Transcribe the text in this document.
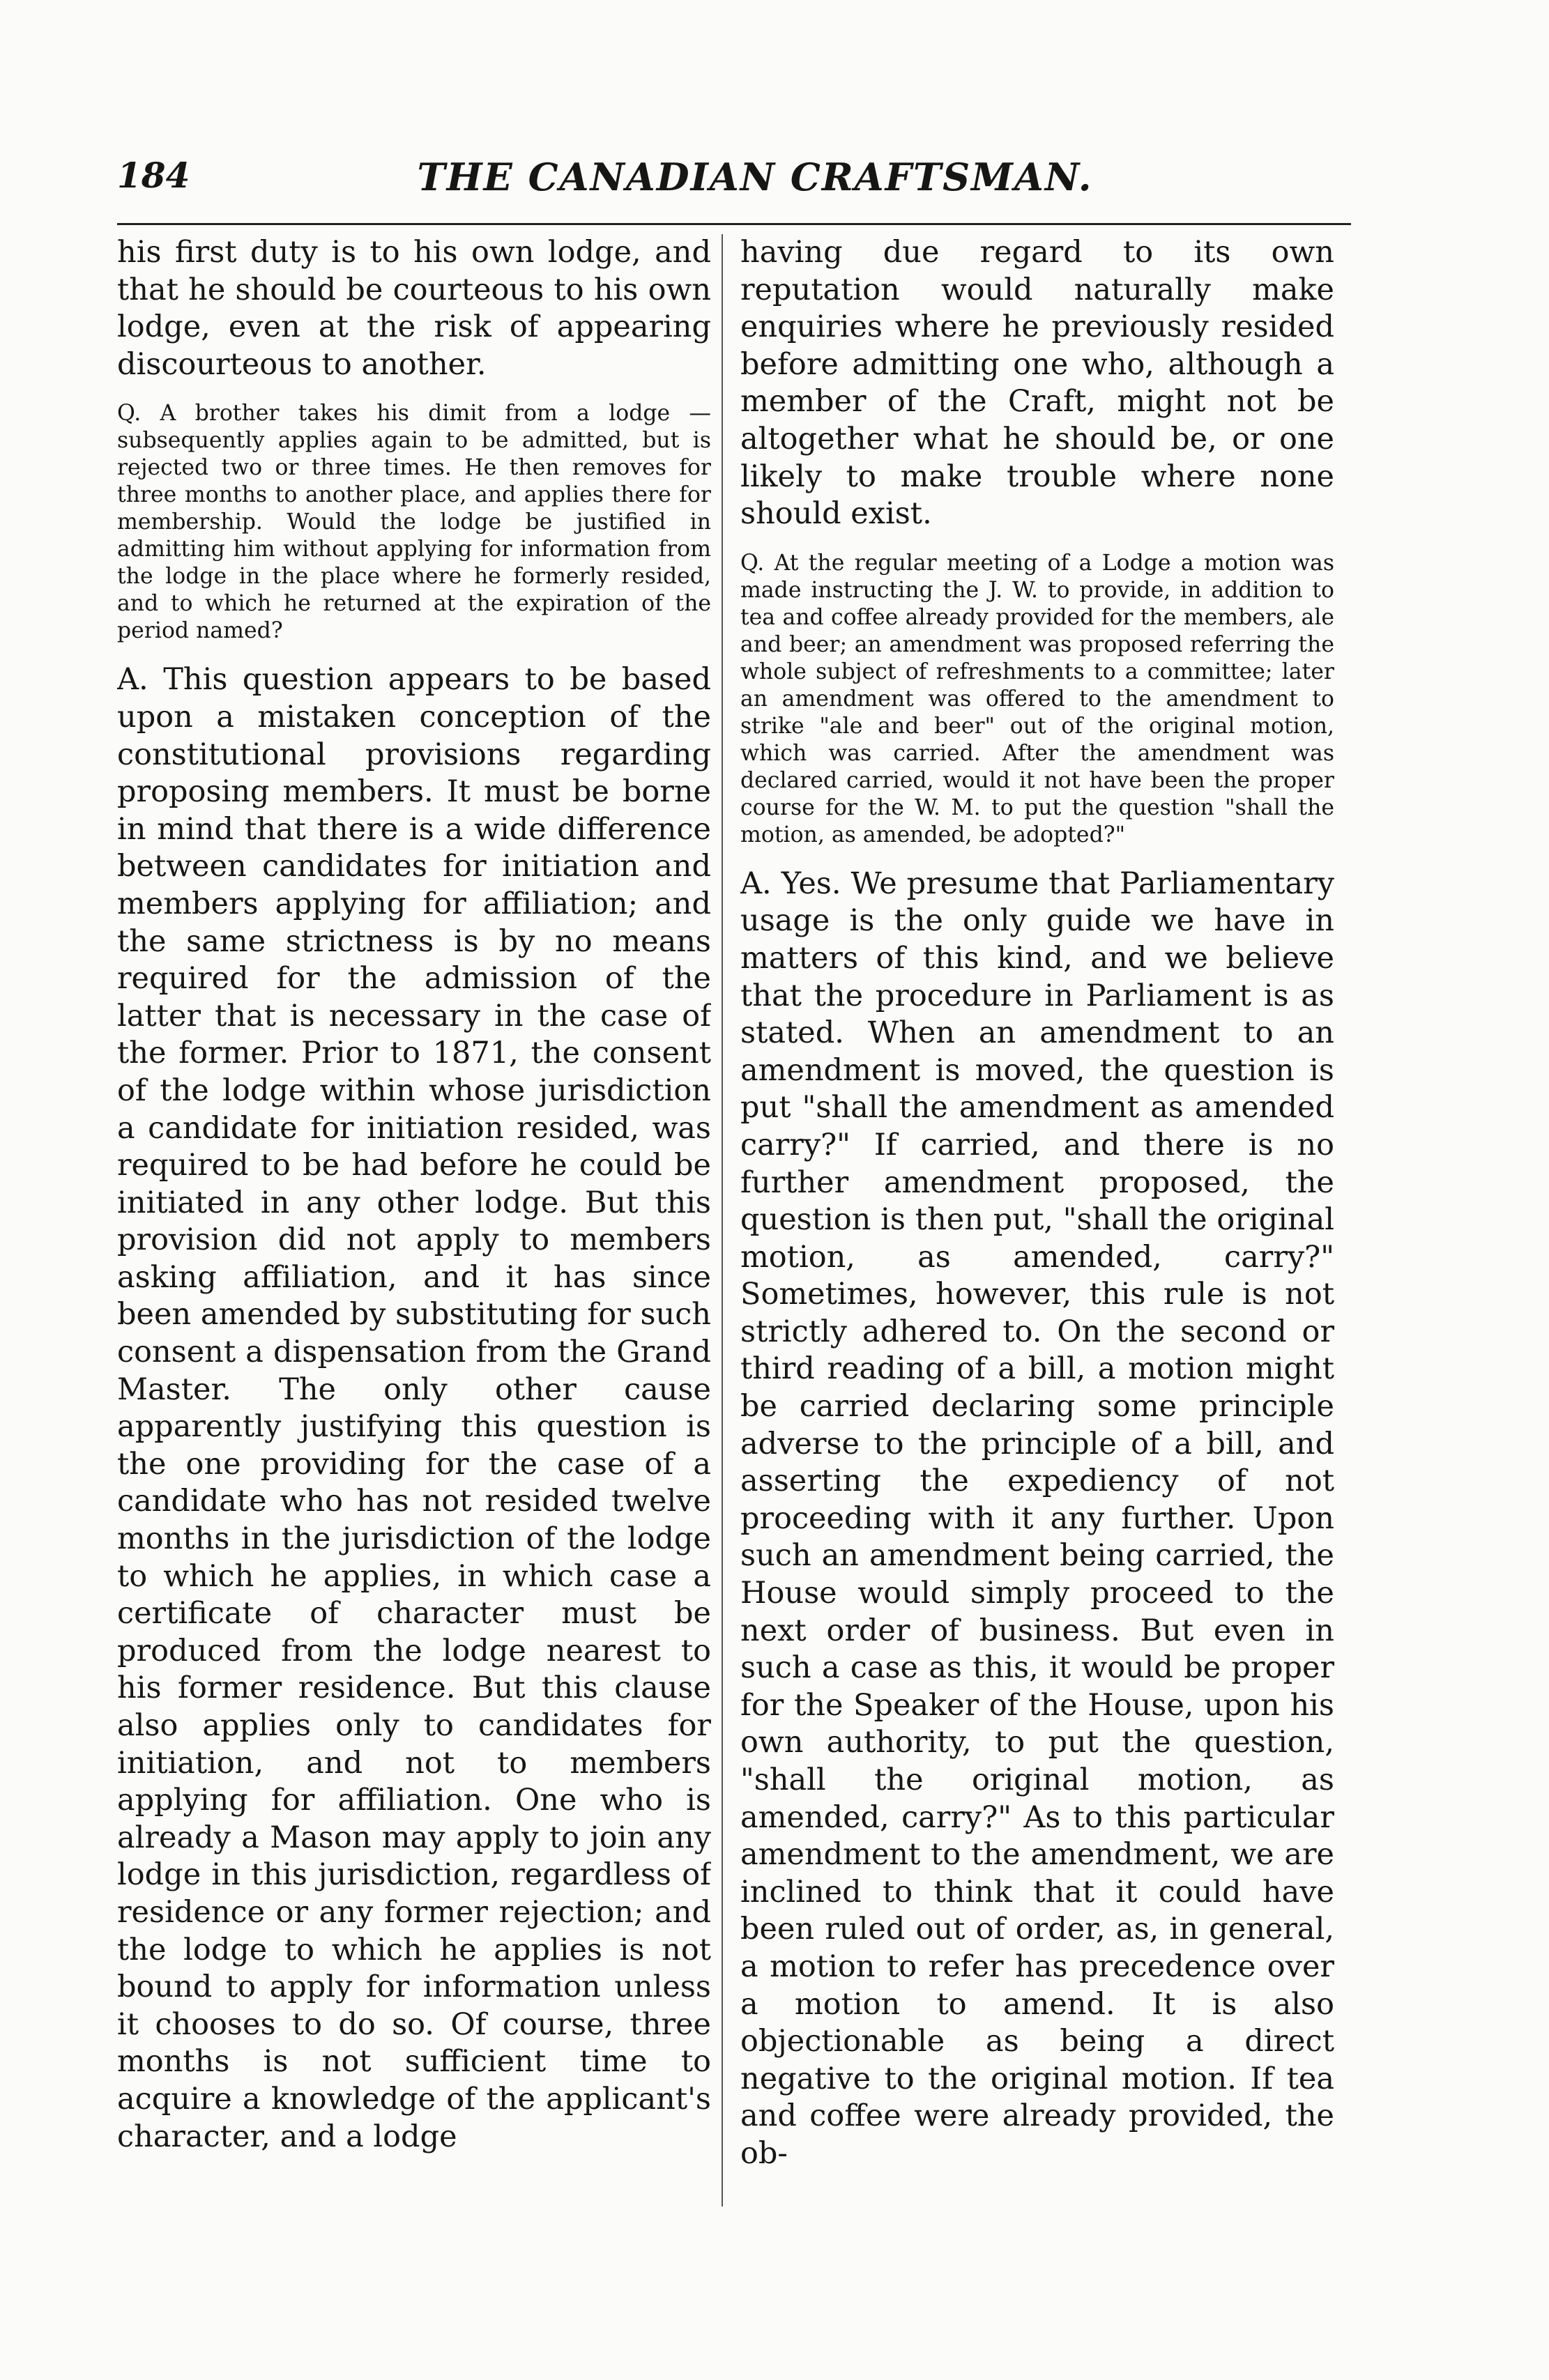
184	THE CANADIAN CRAFTSMAN.

his first duty is to his own lodge, and that he should be courteous to his own lodge, even at the risk of appearing discourteous to another.

Q. A brother takes his dimit from a lodge —subsequently applies again to be admitted, but is rejected two or three times. He then removes for three months to another place, and applies there for membership. Would the lodge be justified in admitting him without applying for information from the lodge in the place where he formerly resided, and to which he returned at the expiration of the period named?

A. This question appears to be based upon a mistaken conception of the constitutional provisions regarding proposing members. It must be borne in mind that there is a wide difference between candidates for initiation and members applying for affiliation; and the same strictness is by no means required for the admission of the latter that is necessary in the case of the former. Prior to 1871, the consent of the lodge within whose jurisdiction a candidate for initiation resided, was required to be had before he could be initiated in any other lodge. But this provision did not apply to members asking affiliation, and it has since been amended by substituting for such consent a dispensation from the Grand Master. The only other cause apparently justifying this question is the one providing for the case of a candidate who has not resided twelve months in the jurisdiction of the lodge to which he applies, in which case a certificate of character must be produced from the lodge nearest to his former residence. But this clause also applies only to candidates for initiation, and not to members applying for affiliation. One who is already a Mason may apply to join any lodge in this jurisdiction, regardless of residence or any former rejection; and the lodge to which he applies is not bound to apply for information unless it chooses to do so. Of course, three months is not sufficient time to acquire a knowledge of the applicant's character, and a lodge

having due regard to its own reputation would naturally make enquiries where he previously resided before admitting one who, although a member of the Craft, might not be altogether what he should be, or one likely to make trouble where none should exist.

Q. At the regular meeting of a Lodge a motion was made instructing the J. W. to provide, in addition to tea and coffee already provided for the members, ale and beer; an amendment was proposed referring the whole subject of refreshments to a committee; later an amendment was offered to the amendment to strike "ale and beer" out of the original motion, which was carried. After the amendment was declared carried, would it not have been the proper course for the W. M. to put the question "shall the motion, as amended, be adopted?"

A. Yes. We presume that Parliamentary usage is the only guide we have in matters of this kind, and we believe that the procedure in Parliament is as stated. When an amendment to an amendment is moved, the question is put "shall the amendment as amended carry?" If carried, and there is no further amendment proposed, the question is then put, "shall the original motion, as amended, carry?" Sometimes, however, this rule is not strictly adhered to. On the second or third reading of a bill, a motion might be carried declaring some principle adverse to the principle of a bill, and asserting the expediency of not proceeding with it any further. Upon such an amendment being carried, the House would simply proceed to the next order of business. But even in such a case as this, it would be proper for the Speaker of the House, upon his own authority, to put the question, "shall the original motion, as amended, carry?" As to this particular amendment to the amendment, we are inclined to think that it could have been ruled out of order, as, in general, a motion to refer has precedence over a motion to amend. It is also objectionable as being a direct negative to the original motion. If tea and coffee were already provided, the ob-
